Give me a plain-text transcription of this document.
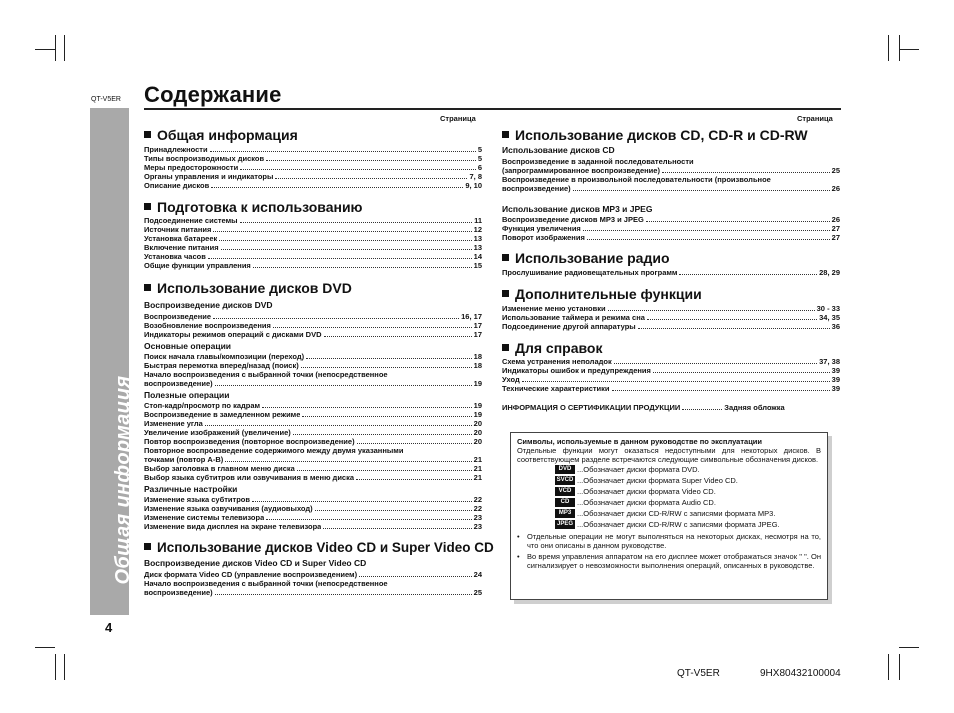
QT-V5ER Содержание
Общая информация - Содержание -
4
Страница	Страница
Общая информация
Принадлежности	5
Типы воспроизводимых дисков	5
Меры предосторожности	6
Органы управления и индикаторы	7, 8
Описание дисков	9, 10
Подготовка к использованию
Подсоединение системы	11
Источник питания	12
Установка батареек	13
Включение питания	13
Установка часов	14
Общие функции управления	15
Использование дисков DVD
Воспроизведение дисков DVD
Воспроизведение	16, 17
Возобновление воспроизведения	17
Индикаторы режимов операций с дисками DVD	17
Основные операции
Поиск начала главы/композиции (переход)	18
Быстрая перемотка вперед/назад (поиск)	18
Начало воспроизведения с выбранной точки (непосредственное
воспроизведение)	19
Полезные операции
Стоп-кадр/просмотр по кадрам	19
Воспроизведение в замедленном режиме	19
Изменение угла	20
Увеличение изображений (увеличение)	20
Повтор воспроизведения (повторное воспроизведение)	20
Повторное воспроизведение содержимого между двумя указанными
точками (повтор A-B)	21
Выбор заголовка в главном меню диска	21
Выбор языка субтитров или озвучивания в меню диска	21
Различные настройки
Изменение языка субтитров	22
Изменение языка озвучивания (аудиовыход)	22
Изменение системы телевизора	23
Изменение вида дисплея на экране телевизора	23
Использование дисков Video CD и Super Video CD
Воспроизведение дисков Video CD и Super Video CD
Диск формата Video CD (управление воспроизведением)	24
Начало воспроизведения с выбранной точки (непосредственное
воспроизведение)	25
Использование дисков CD, CD-R и CD-RW
Использование дисков CD
Воспроизведение в заданной последовательности
(запрограммированное воспроизведение)	25
Воспроизведение в произвольной последовательности (произвольное
воспроизведение)	26
Использование дисков MP3 и JPEG
Воспроизведение дисков MP3 и JPEG	26
Функция увеличения	27
Поворот изображения	27
Использование радио
Прослушивание радиовещательных программ	28, 29
Дополнительные функции
Изменение меню установки	30 - 33
Использование таймера и режима сна	34, 35
Подсоединение другой аппаратуры	36
Для справок
Схема устранения неполадок	37, 38
Индикаторы ошибок и предупреждения	39
Уход	39
Технические характеристики	39
ИНФОРМАЦИЯ О СЕРТИФИКАЦИИ ПРОДУКЦИИ	Задняя обложка
Символы, используемые в данном руководстве по эксплуатации
Отдельные функции могут оказаться недоступными для некоторых дисков. В соответствующем разделе встречаются следующие символьные обозначения дисков.
DVD ...Обозначает диски формата DVD.
SVCD ...Обозначает диски формата Super Video CD.
VCD ...Обозначает диски формата Video CD.
CD	...Обозначает диски формата Audio CD.
MP3 ...Обозначает диски CD-R/RW с записями формата MP3.
JPEG ...Обозначает диски CD-R/RW с записями формата JPEG.
• Отдельные операции не могут выполняться на некоторых дисках, несмотря на то, что они описаны в данном руководстве.
• Во время управления аппаратом на его дисплее может отображаться значок " ". Он сигнализирует о невозможности выполнения операций, описанных в руководстве.
QT-V5ER	9HX80432100004
